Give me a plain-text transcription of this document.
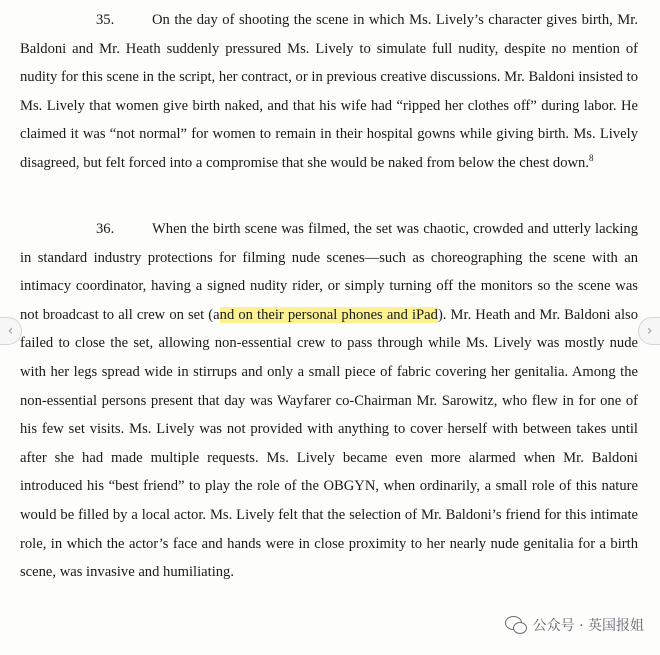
35.	On the day of shooting the scene in which Ms. Lively’s character gives birth, Mr. Baldoni and Mr. Heath suddenly pressured Ms. Lively to simulate full nudity, despite no mention of nudity for this scene in the script, her contract, or in previous creative discussions. Mr. Baldoni insisted to Ms. Lively that women give birth naked, and that his wife had “ripped her clothes off” during labor. He claimed it was “not normal” for women to remain in their hospital gowns while giving birth. Ms. Lively disagreed, but felt forced into a compromise that she would be naked from below the chest down.$^8$

36.	When the birth scene was filmed, the set was chaotic, crowded and utterly lacking in standard industry protections for filming nude scenes—such as choreographing the scene with an intimacy coordinator, having a signed nudity rider, or simply turning off the monitors so the scene was not broadcast to all crew on set (and on their personal phones and iPad). Mr. Heath and Mr. Baldoni also failed to close the set, allowing non-essential crew to pass through while Ms. Lively was mostly nude with her legs spread wide in stirrups and only a small piece of fabric covering her genitalia. Among the non-essential persons present that day was Wayfarer co-Chairman Mr. Sarowitz, who flew in for one of his few set visits. Ms. Lively was not provided with anything to cover herself with between takes until after she had made multiple requests. Ms. Lively became even more alarmed when Mr. Baldoni introduced his “best friend” to play the role of the OBGYN, when ordinarily, a small role of this nature would be filled by a local actor. Ms. Lively felt that the selection of Mr. Baldoni’s friend for this intimate role, in which the actor’s face and hands were in close proximity to her nearly nude genitalia for a birth scene, was invasive and humiliating.

‹	›
公众号 · 英国报姐
